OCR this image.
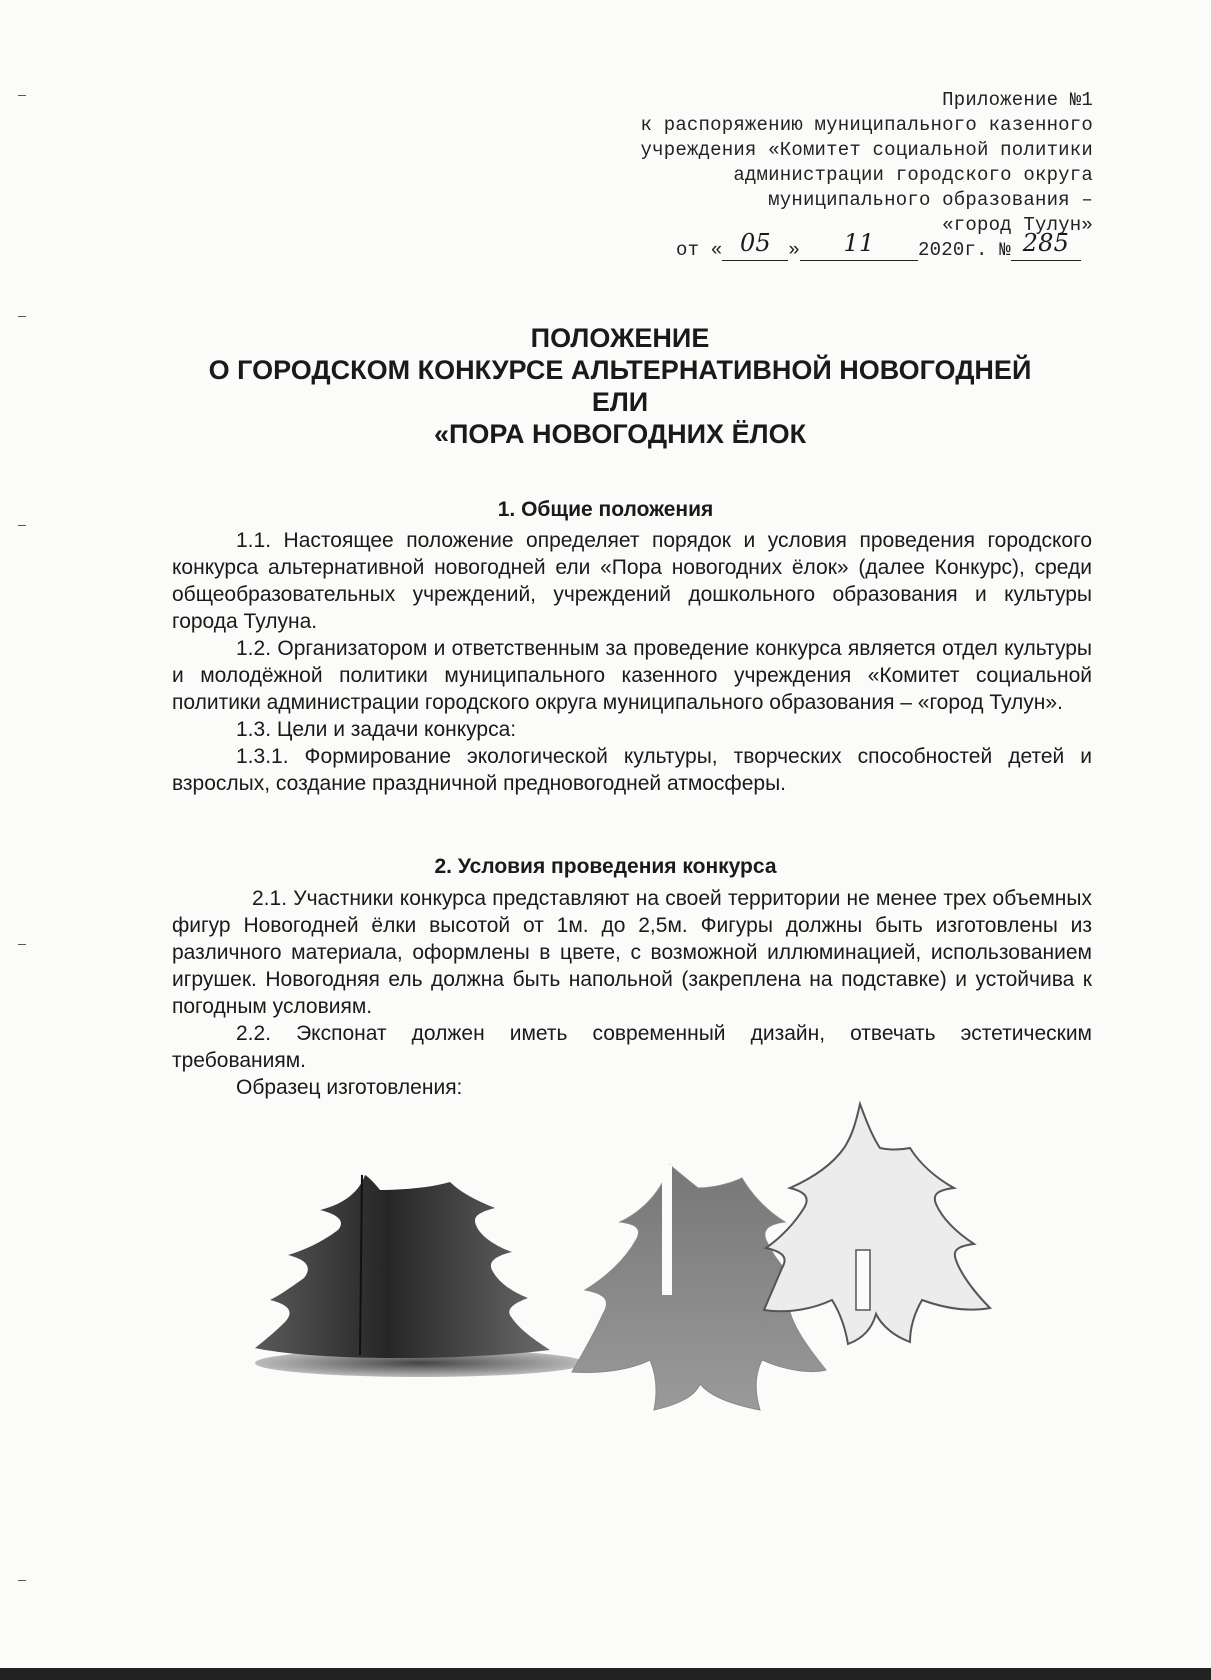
Приложение №1
к распоряжению муниципального казенного
учреждения «Комитет социальной политики
администрации городского округа
муниципального образования –
«город Тулун»
от « 05 »	11	2020г. № 285
ПОЛОЖЕНИЕ
О ГОРОДСКОМ КОНКУРСЕ АЛЬТЕРНАТИВНОЙ НОВОГОДНЕЙ
ЕЛИ
«ПОРА НОВОГОДНИХ ЁЛОК
1. Общие положения

1.1. Настоящее положение определяет порядок и условия проведения городского конкурса альтернативной новогодней ели «Пора новогодних ёлок» (далее Конкурс), среди общеобразовательных учреждений, учреждений дошкольного образования и культуры города Тулуна.

1.2. Организатором и ответственным за проведение конкурса является отдел культуры и молодёжной политики муниципального казенного учреждения «Комитет социальной политики администрации городского округа муниципального образования – «город Тулун».

1.3. Цели и задачи конкурса:

1.3.1. Формирование экологической культуры, творческих способностей детей и взрослых, создание праздничной предновогодней атмосферы.

2. Условия проведения конкурса

2.1. Участники конкурса представляют на своей территории не менее трех объемных фигур Новогодней ёлки высотой от 1м. до 2,5м. Фигуры должны быть изготовлены из различного материала, оформлены в цвете, с возможной иллюминацией, использованием игрушек. Новогодняя ель должна быть напольной (закреплена на подставке) и устойчива к погодным условиям.

2.2. Экспонат должен иметь современный дизайн, отвечать эстетическим требованиям.

Образец изготовления:
